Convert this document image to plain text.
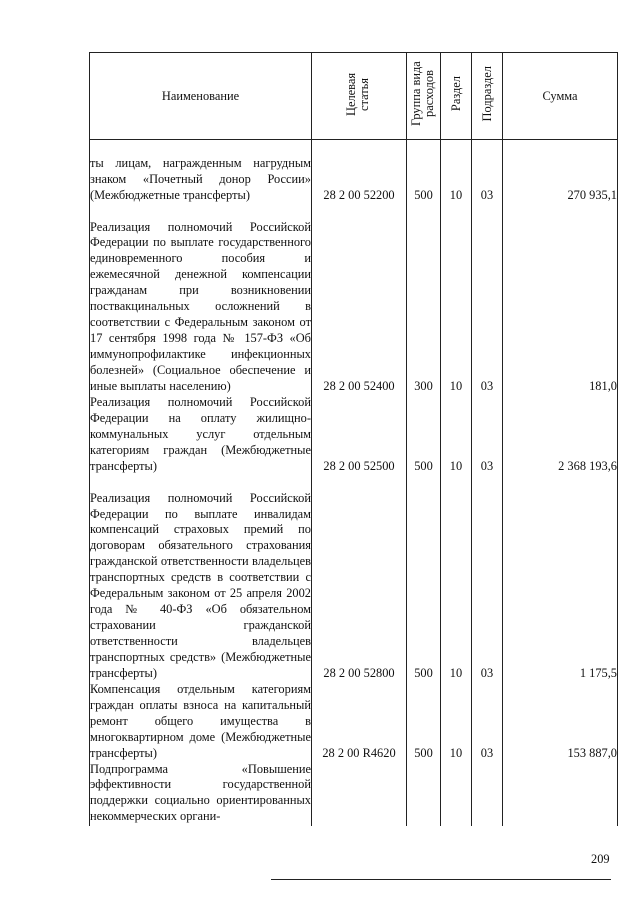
Наименование	Целевая статья	Группа вида расходов	Раздел	Подраздел	Сумма
ты лицам, награжденным нагрудным знаком «Почетный донор России» (Межбюджетные трансферты)	28 2 00 52200	500	10	03	270 935,1
Реализация полномочий Российской Федерации по выплате государственного единовременного пособия и ежемесячной денежной компенсации гражданам при возникновении поствакцинальных осложнений в соответствии с Федеральным законом от 17 сентября 1998 года № 157-ФЗ «Об иммунопрофилактике инфекционных болезней» (Социальное обеспечение и иные выплаты населению)	28 2 00 52400	300	10	03	181,0
Реализация полномочий Российской Федерации на оплату жилищно-коммунальных услуг отдельным категориям граждан (Межбюджетные трансферты)	28 2 00 52500	500	10	03	2 368 193,6
Реализация полномочий Российской Федерации по выплате инвалидам компенсаций страховых премий по договорам обязательного страхования гражданской ответственности владельцев транспортных средств в соответствии с Федеральным законом от 25 апреля 2002 года № 40-ФЗ «Об обязательном страховании гражданской ответственности владельцев транспортных средств» (Межбюджетные трансферты)	28 2 00 52800	500	10	03	1 175,5
Компенсация отдельным категориям граждан оплаты взноса на капитальный ремонт общего имущества в многоквартирном доме (Межбюджетные трансферты)	28 2 00 R4620	500	10	03	153 887,0
Подпрограмма «Повышение эффективности государственной поддержки социально ориентированных некоммерческих органи-					
209
